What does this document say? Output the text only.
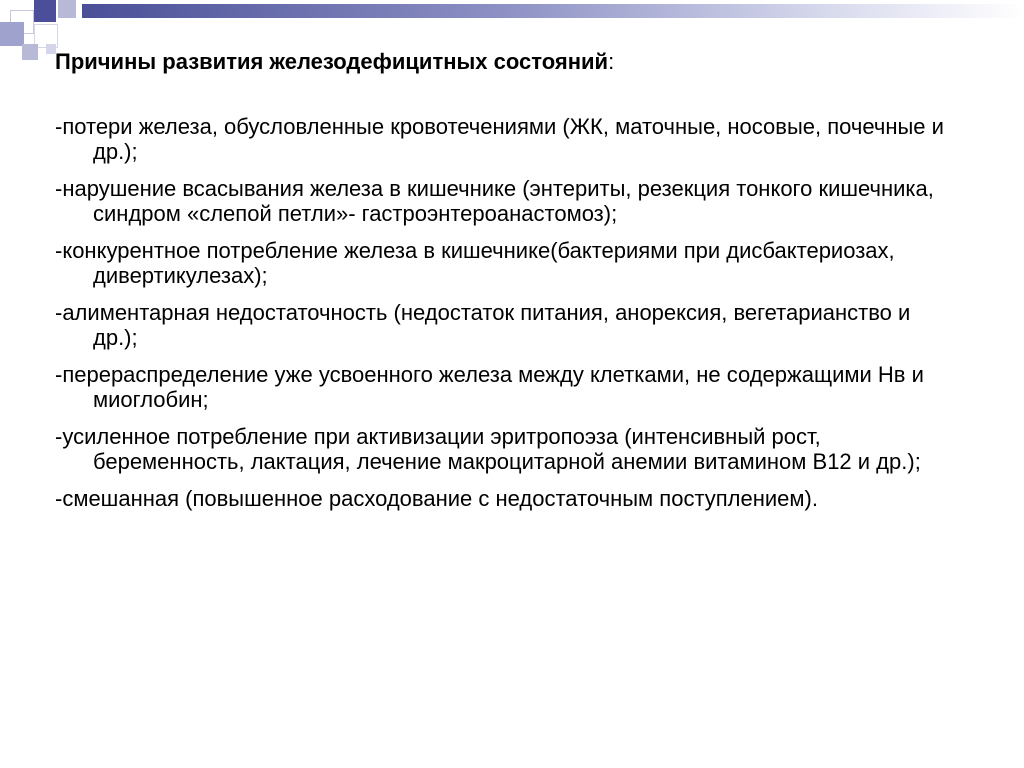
Причины развития железодефицитных состояний:

-потери железа, обусловленные кровотечениями (ЖК, маточные, носовые, почечные и др.);
-нарушение всасывания железа в кишечнике (энтериты, резекция тонкого кишечника, синдром «слепой петли»- гастроэнтероанастомоз);
-конкурентное потребление железа в кишечнике(бактериями при дисбактериозах, дивертикулезах);
-алиментарная недостаточность (недостаток питания, анорексия, вегетарианство и др.);
-перераспределение уже усвоенного железа между клетками, не содержащими Нв и миоглобин;
-усиленное потребление при активизации эритропоэза (интенсивный рост, беременность, лактация, лечение макроцитарной анемии витамином В12 и др.);
-смешанная (повышенное расходование с недостаточным поступлением).
